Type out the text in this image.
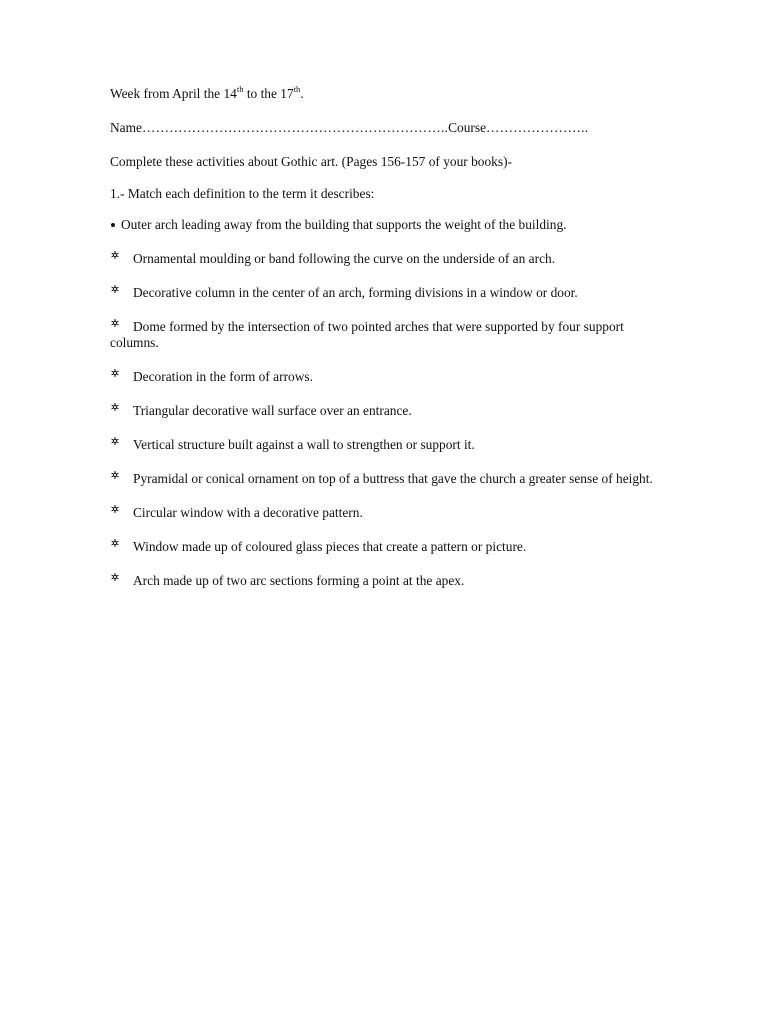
Week from April the 14th to the 17th.

Name…………………………………………………………..Course…………………..

Complete these activities about Gothic art. (Pages 156-157 of your books)-

1.- Match each definition to the term it describes:

Outer arch leading away from the building that supports the weight of the building.
Ornamental moulding or band following the curve on the underside of an arch.
Decorative column in the center of an arch, forming divisions in a window or door.
Dome formed by the intersection of two pointed arches that were supported by four support columns.
Decoration in the form of arrows.
Triangular decorative wall surface over an entrance.
Vertical structure built against a wall to strengthen or support it.
Pyramidal or conical ornament on top of a buttress that gave the church a greater sense of height.
Circular window with a decorative pattern.
Window made up of coloured glass pieces that create a pattern or picture.
Arch made up of two arc sections forming a point at the apex.
